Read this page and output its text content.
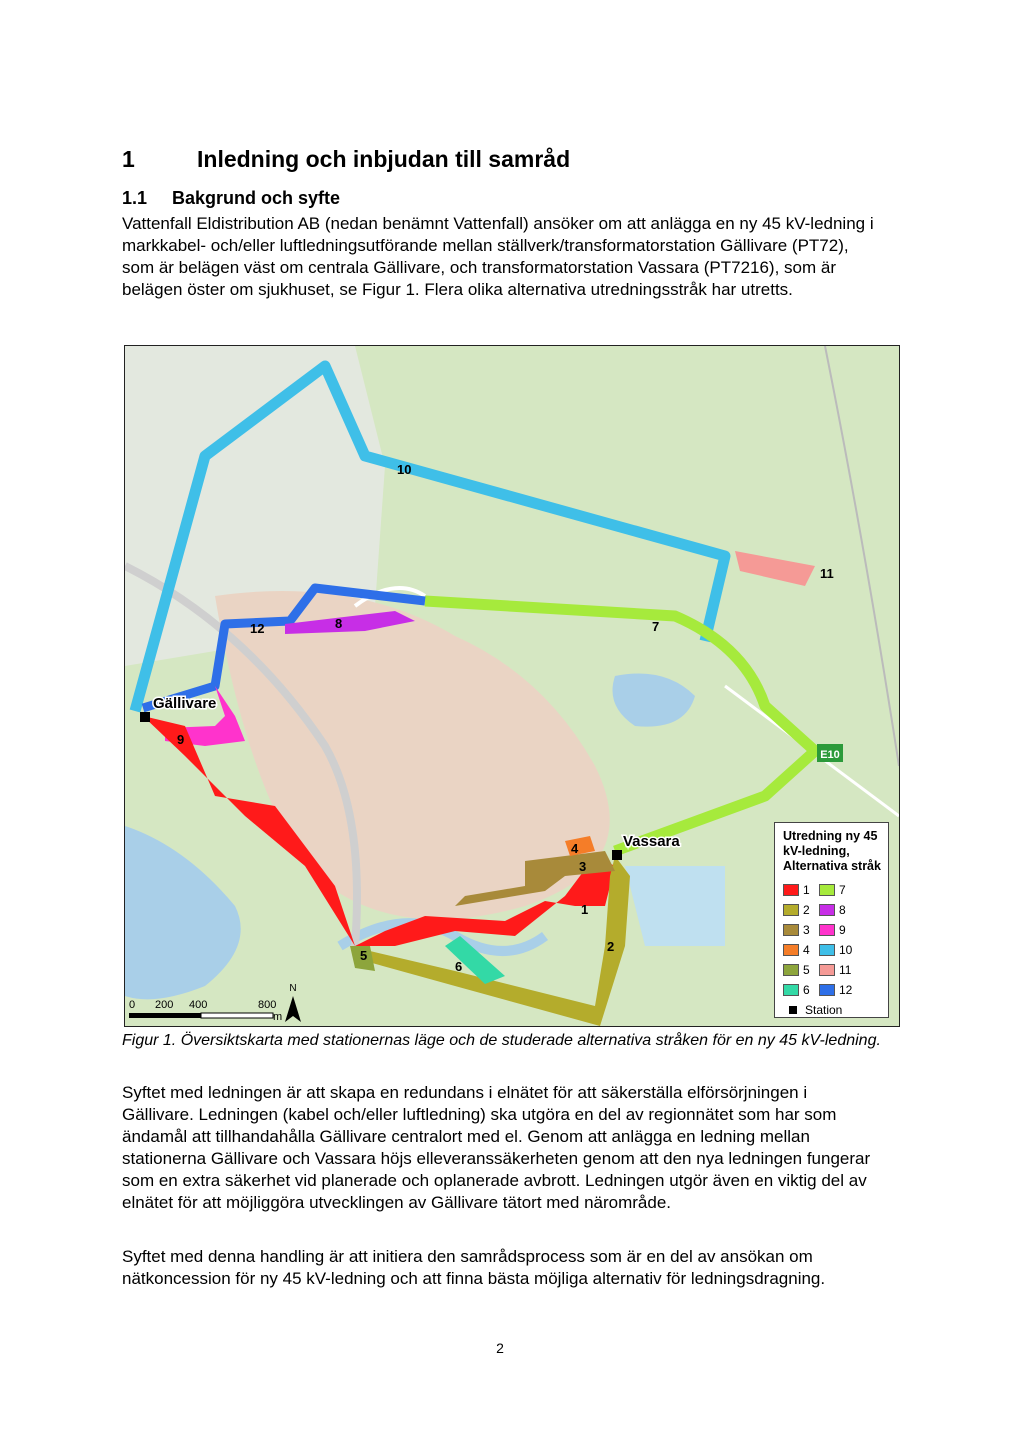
1	Inledning och inbjudan till samråd
1.1 Bakgrund och syfte

Vattenfall Eldistribution AB (nedan benämnt Vattenfall) ansöker om att anlägga en ny 45 kV-ledning i markkabel- och/eller luftledningsutförande mellan ställverk/transformatorstation Gällivare (PT72), som är belägen väst om centrala Gällivare, och transformatorstation Vassara (PT7216), som är belägen öster om sjukhuset, se Figur 1. Flera olika alternativa utredningsstråk har utretts.

E10
Gällivare
Vassara
1
2
3
4
5
6
7
8
9
10
11
12
0 200 400	800
m
N
Utredning ny 45 kV-ledning, Alternativa stråk
1	7
2	8
3	9
4	10
5	11
6	12
Station
Figur 1. Översiktskarta med stationernas läge och de studerade alternativa stråken för en ny 45 kV-ledning.

Syftet med ledningen är att skapa en redundans i elnätet för att säkerställa elförsörjningen i Gällivare. Ledningen (kabel och/eller luftledning) ska utgöra en del av regionnätet som har som ändamål att tillhandahålla Gällivare centralort med el. Genom att anlägga en ledning mellan stationerna Gällivare och Vassara höjs elleveranssäkerheten genom att den nya ledningen fungerar som en extra säkerhet vid planerade och oplanerade avbrott. Ledningen utgör även en viktig del av elnätet för att möjliggöra utvecklingen av Gällivare tätort med närområde.

Syftet med denna handling är att initiera den samrådsprocess som är en del av ansökan om nätkoncession för ny 45 kV-ledning och att finna bästa möjliga alternativ för ledningsdragning.

2
